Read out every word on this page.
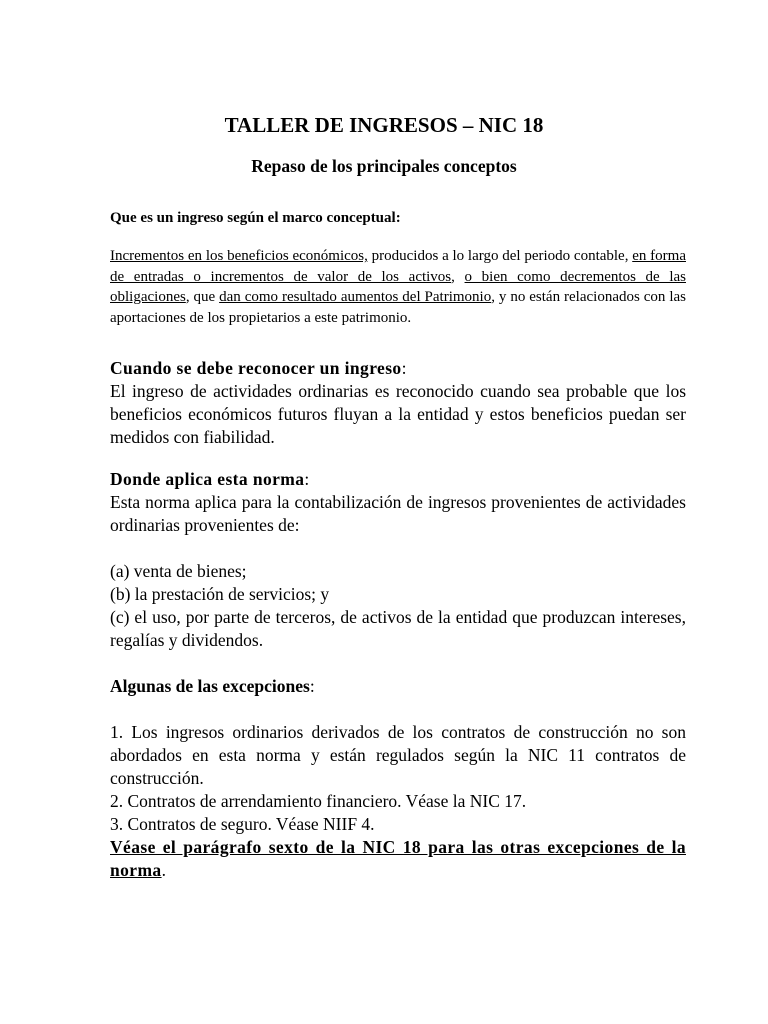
TALLER DE INGRESOS – NIC 18
Repaso de los principales conceptos

Que es un ingreso según el marco conceptual:

Incrementos en los beneficios económicos, producidos a lo largo del periodo contable, en forma de entradas o incrementos de valor de los activos, o bien como decrementos de las obligaciones, que dan como resultado aumentos del Patrimonio, y no están relacionados con las aportaciones de los propietarios a este patrimonio.

Cuando se debe reconocer un ingreso:

El ingreso de actividades ordinarias es reconocido cuando sea probable que los beneficios económicos futuros fluyan a la entidad y estos beneficios puedan ser medidos con fiabilidad.

Donde aplica esta norma:

Esta norma aplica para la contabilización de ingresos provenientes de actividades ordinarias provenientes de:

(a) venta de bienes;

(b) la prestación de servicios; y

(c) el uso, por parte de terceros, de activos de la entidad que produzcan intereses, regalías y dividendos.

Algunas de las excepciones:

1. Los ingresos ordinarios derivados de los contratos de construcción no son abordados en esta norma y están regulados según la NIC 11 contratos de construcción.

2. Contratos de arrendamiento financiero. Véase la NIC 17.

3. Contratos de seguro. Véase NIIF 4.

Véase el parágrafo sexto de la NIC 18 para las otras excepciones de la norma.
